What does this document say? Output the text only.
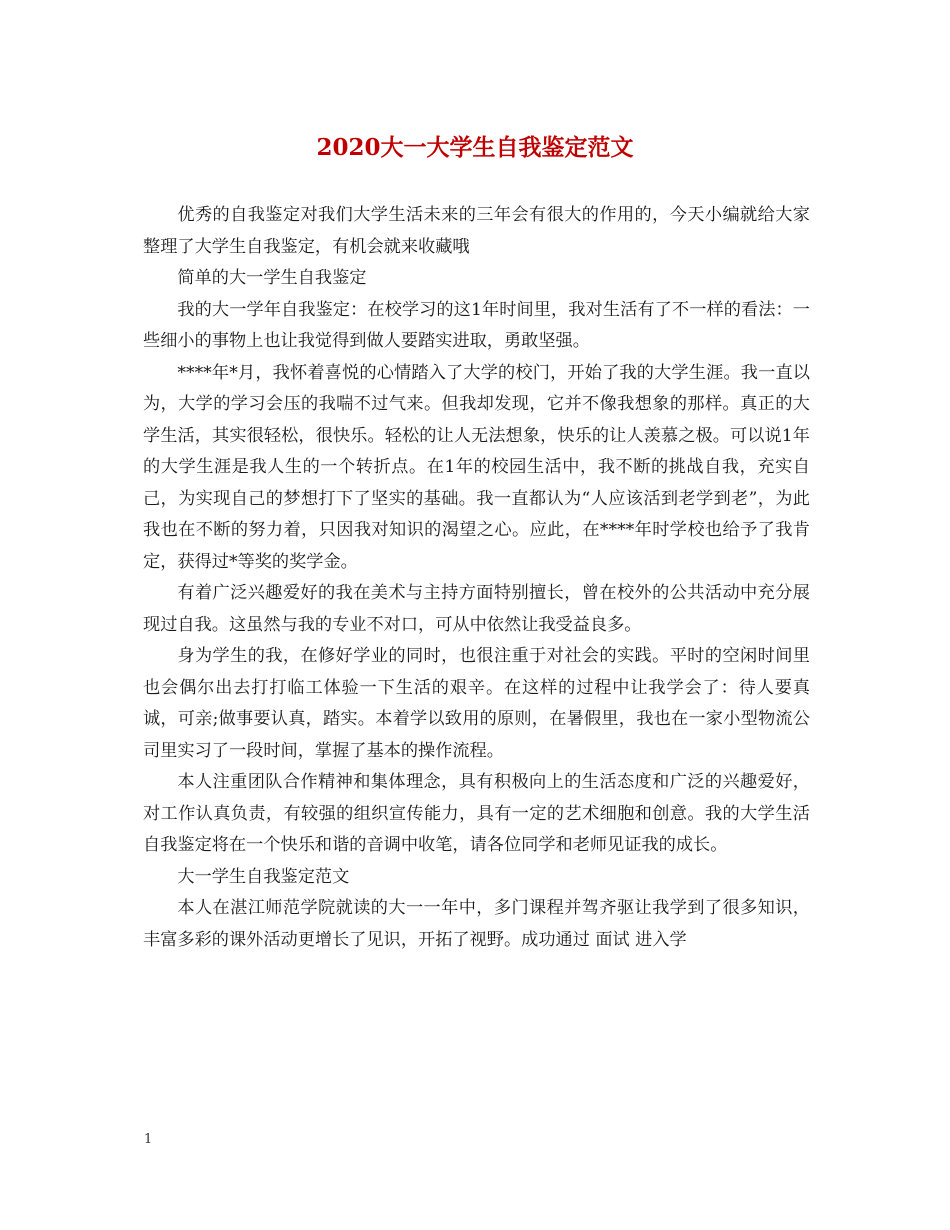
2020大一大学生自我鉴定范文

优秀的自我鉴定对我们大学生活未来的三年会有很大的作用的，今天小编就给大家整理了大学生自我鉴定，有机会就来收藏哦

简单的大一学生自我鉴定

我的大一学年自我鉴定：在校学习的这1年时间里，我对生活有了不一样的看法：一些细小的事物上也让我觉得到做人要踏实进取，勇敢坚强。

****年*月，我怀着喜悦的心情踏入了大学的校门，开始了我的大学生涯。我一直以为，大学的学习会压的我喘不过气来。但我却发现，它并不像我想象的那样。真正的大学生活，其实很轻松，很快乐。轻松的让人无法想象，快乐的让人羡慕之极。可以说1年的大学生涯是我人生的一个转折点。在1年的校园生活中，我不断的挑战自我，充实自己，为实现自己的梦想打下了坚实的基础。我一直都认为“人应该活到老学到老”，为此我也在不断的努力着，只因我对知识的渴望之心。应此，在****年时学校也给予了我肯定，获得过*等奖的奖学金。

有着广泛兴趣爱好的我在美术与主持方面特别擅长，曾在校外的公共活动中充分展现过自我。这虽然与我的专业不对口，可从中依然让我受益良多。

身为学生的我，在修好学业的同时，也很注重于对社会的实践。平时的空闲时间里也会偶尔出去打打临工体验一下生活的艰辛。在这样的过程中让我学会了：待人要真诚，可亲;做事要认真，踏实。本着学以致用的原则，在暑假里，我也在一家小型物流公司里实习了一段时间，掌握了基本的操作流程。

本人注重团队合作精神和集体理念，具有积极向上的生活态度和广泛的兴趣爱好，对工作认真负责，有较强的组织宣传能力，具有一定的艺术细胞和创意。我的大学生活自我鉴定将在一个快乐和谐的音调中收笔，请各位同学和老师见证我的成长。

大一学生自我鉴定范文

本人在湛江师范学院就读的大一一年中，多门课程并驾齐驱让我学到了很多知识，丰富多彩的课外活动更增长了见识，开拓了视野。成功通过 面试 进入学

1
